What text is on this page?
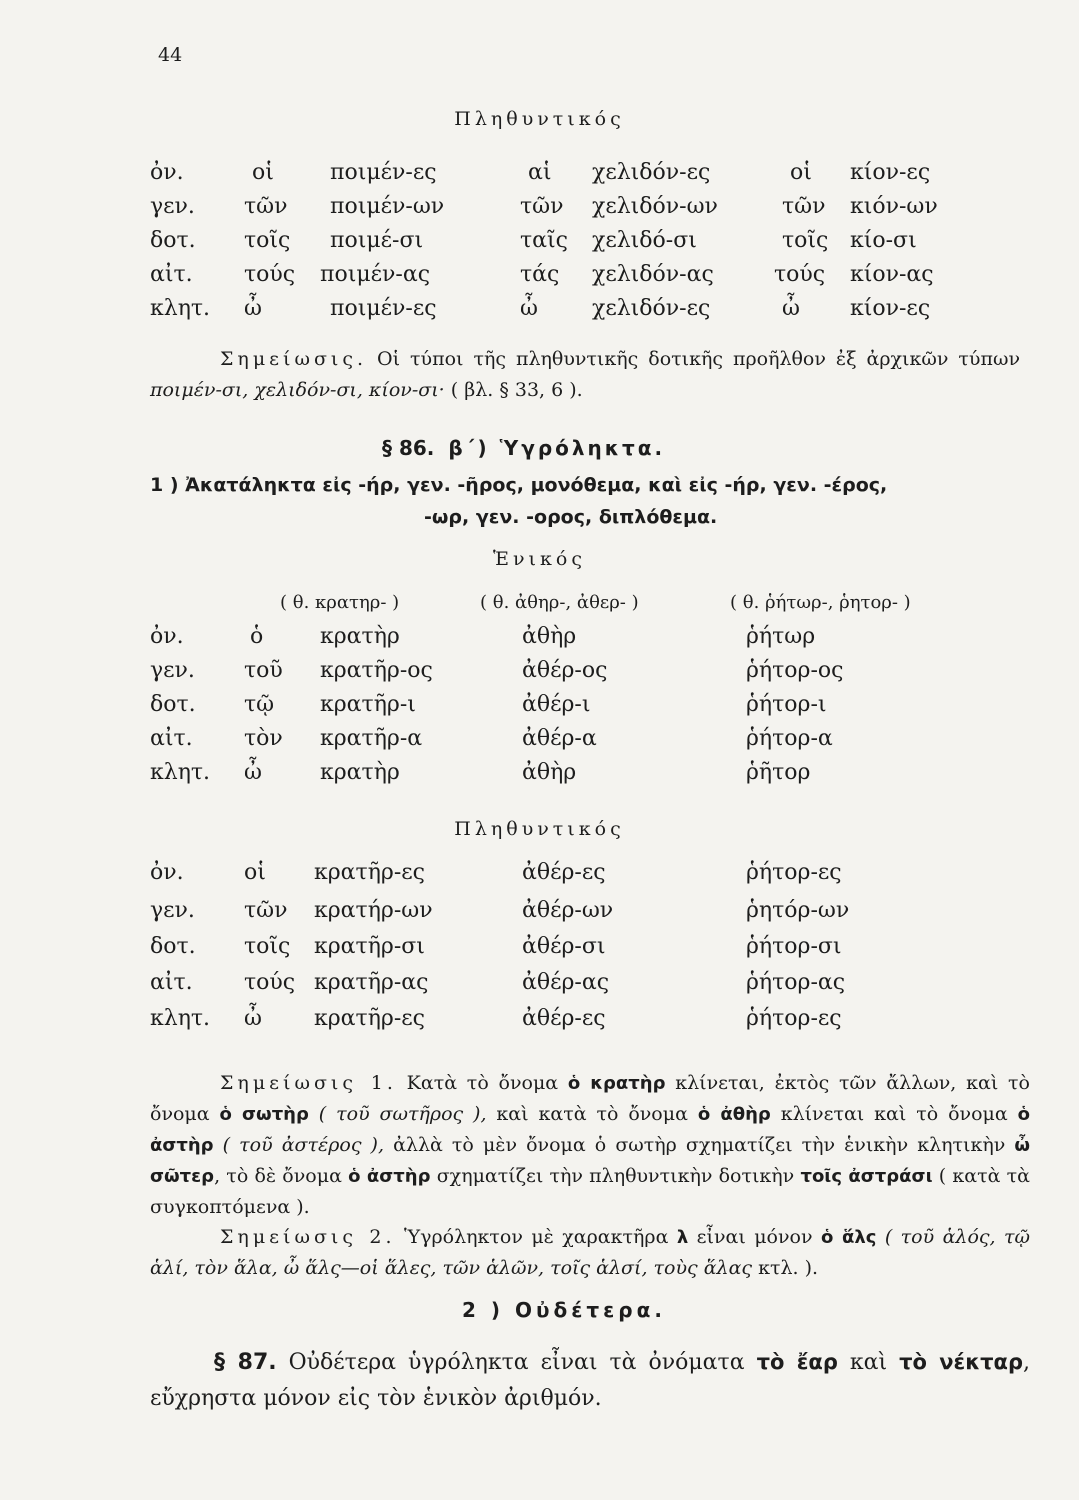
44
Πληθυντικός
ὀν.	οἱ	ποιμέν-ες	αἱ χελιδόν-ες	οἱ κίον-ες
γεν. τῶν ποιμέν-ων	τῶν χελιδόν-ων	τῶν κιόν-ων
δοτ. τοῖς ποιμέ-σι	ταῖς χελιδό-σι	τοῖς κίο-σι
αἰτ. τούς ποιμέν-ας	τάς χελιδόν-ας	τούς κίον-ας
κλητ. ὦ	ποιμέν-ες	ὦ χελιδόν-ες	ὦ κίον-ες
Σημείωσις. Οἱ τύποι τῆς πληθυντικῆς δοτικῆς προῆλθον ἐξ ἀρχικῶν τύπων ποιμέν-σι, χελιδόν-σι, κίον-σι· ( βλ. § 33, 6 ).
§ 86. β΄) Ὑγρόληκτα.
1 ) Ἀκατάληκτα εἰς -ήρ, γεν. -ῆρος, μονόθεμα, καὶ εἰς -ήρ, γεν. -έρος,
-ωρ, γεν. -ορος, διπλόθεμα.
Ἑνικός
( θ. κρατηρ- )	( θ. ἀθηρ-, ἀθερ- )	( θ. ῥήτωρ-, ῥητορ- )
ὀν.	ὁ	κρατὴρ	ἀθὴρ	ῥήτωρ
γεν. τοῦ κρατῆρ-ος	ἀθέρ-ος	ῥήτορ-ος
δοτ. τῷ κρατῆρ-ι	ἀθέρ-ι	ῥήτορ-ι
αἰτ. τὸν κρατῆρ-α	ἀθέρ-α	ῥήτορ-α
κλητ. ὦ	κρατὴρ	ἀθὴρ	ῥῆτορ
Πληθυντικός
ὀν.	οἱ κρατῆρ-ες	ἀθέρ-ες	ῥήτορ-ες
γεν. τῶν κρατήρ-ων	ἀθέρ-ων	ῥητόρ-ων
δοτ. τοῖς κρατῆρ-σι	ἀθέρ-σι	ῥήτορ-σι
αἰτ. τούς κρατῆρ-ας	ἀθέρ-ας	ῥήτορ-ας
κλητ. ὦ κρατῆρ-ες	ἀθέρ-ες	ῥήτορ-ες
Σημείωσις 1. Κατὰ τὸ ὄνομα ὁ κρατὴρ κλίνεται, ἐκτὸς τῶν ἄλλων, καὶ τὸ ὄνομα ὁ σωτὴρ ( τοῦ σωτῆρος ), καὶ κατὰ τὸ ὄνομα ὁ ἀθὴρ κλίνεται καὶ τὸ ὄνομα ὁ ἀστὴρ ( τοῦ ἀστέρος ), ἀλλὰ τὸ μὲν ὄνομα ὁ σωτὴρ σχηματίζει τὴν ἑνικὴν κλητικὴν ὦ σῶτερ, τὸ δὲ ὄνομα ὁ ἀστὴρ σχηματίζει τὴν πληθυντικὴν δοτικὴν τοῖς ἀστράσι ( κατὰ τὰ συγκοπτόμενα ).
Σημείωσις 2. Ὑγρόληκτον μὲ χαρακτῆρα λ εἶναι μόνον ὁ ἅλς ( τοῦ ἁλός, τῷ ἁλί, τὸν ἅλα, ὦ ἅλς—οἱ ἅλες, τῶν ἁλῶν, τοῖς ἁλσί, τοὺς ἅλας κτλ. ).
2 ) Οὐδέτερα.
§ 87. Οὐδέτερα ὑγρόληκτα εἶναι τὰ ὀνόματα τὸ ἔαρ καὶ τὸ νέκταρ, εὔχρηστα μόνον εἰς τὸν ἑνικὸν ἀριθμόν.
